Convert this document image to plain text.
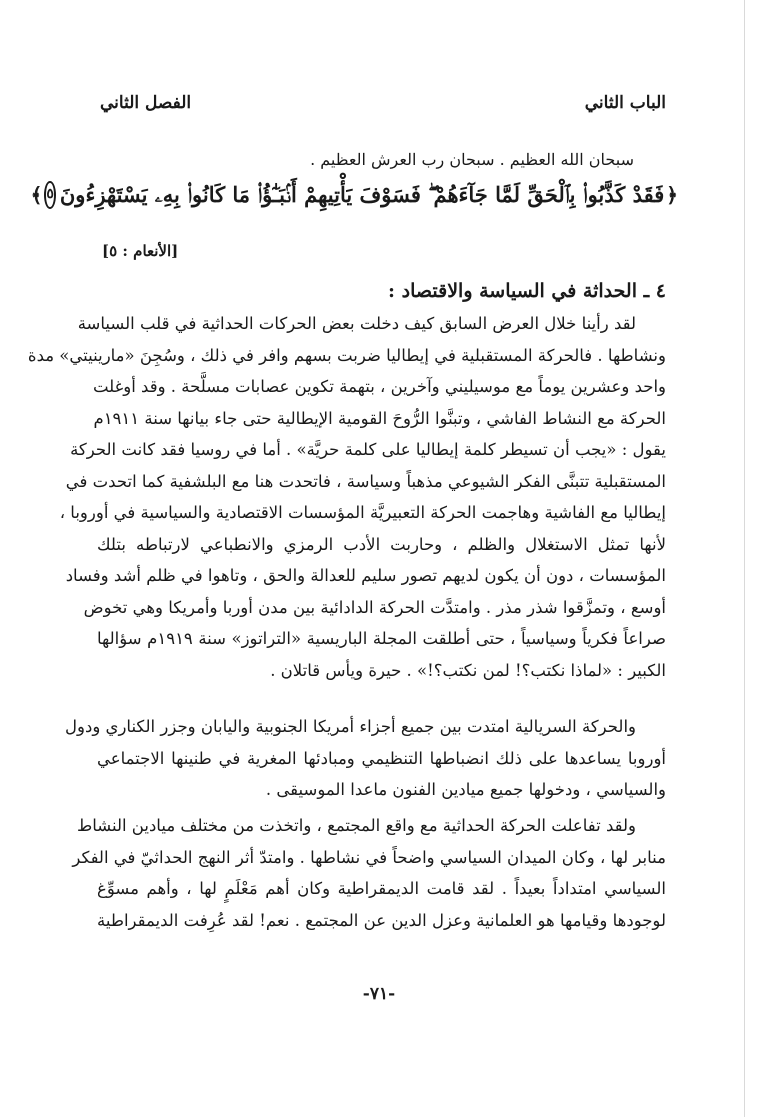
الباب الثاني
الفصل الثاني
سبحان الله العظيم . سبحان رب العرش العظيم .
﴿
فَقَدْ كَذَّبُوا۟ بِٱلْحَقِّ لَمَّا جَآءَهُمْ ۖ فَسَوْفَ يَأْتِيهِمْ أَنۢبَـٰٓؤُا۟ مَا كَانُوا۟ بِهِۦ يَسْتَهْزِءُونَ
٥
﴾
[الأنعام : ٥]
٤ ـ الحداثة في السياسة والاقتصاد :
لقد رأينا خلال العرض السابق كيف دخلت بعض الحركات الحداثية في قلب السياسة
ونشاطها . فالحركة المستقبلية في إيطاليا ضربت بسهم وافر في ذلك ، وسُجِنَ «مارينيتي» مدة
واحد وعشرين يوماً مع موسيليني وآخرين ، بتهمة تكوين عصابات مسلَّحة . وقد أوغلت
الحركة مع النشاط الفاشي ، وتبنَّوا الرُّوحَ القومية الإيطالية حتى جاء بيانها سنة ١٩١١م
يقول : «يجب أن تسيطر كلمة إيطاليا على كلمة حريَّة» . أما في روسيا فقد كانت الحركة
المستقبلية تتبنَّى الفكر الشيوعي مذهباً وسياسة ، فاتحدت هنا مع البلشفية كما اتحدت في
إيطاليا مع الفاشية وهاجمت الحركة التعبيريَّة المؤسسات الاقتصادية والسياسية في أوروبا ،
لأنها تمثل الاستغلال والظلم ، وحاربت الأدب الرمزي والانطباعي لارتباطه بتلك
المؤسسات ، دون أن يكون لديهم تصور سليم للعدالة والحق ، وتاهوا في ظلم أشد وفساد
أوسع ، وتمزَّقوا شذر مذر . وامتدَّت الحركة الدادائية بين مدن أوربا وأمريكا وهي تخوض
صراعاً فكرياً وسياسياً ، حتى أطلقت المجلة الباريسية «التراتوز» سنة ١٩١٩م سؤالها
الكبير : «لماذا نكتب؟! لمن نكتب؟!» . حيرة ويأس قاتلان .
والحركة السريالية امتدت بين جميع أجزاء أمريكا الجنوبية واليابان وجزر الكناري ودول
أوروبا يساعدها على ذلك انضباطها التنظيمي ومبادئها المغرية في طنينها الاجتماعي
والسياسي ، ودخولها جميع ميادين الفنون ماعدا الموسيقى .
ولقد تفاعلت الحركة الحداثية مع واقع المجتمع ، واتخذت من مختلف ميادين النشاط
منابر لها ، وكان الميدان السياسي واضحاً في نشاطها . وامتدّ أثر النهج الحداثيّ في الفكر
السياسي امتداداً بعيداً . لقد قامت الديمقراطية وكان أهم مَعْلَمٍ لها ، وأهم مسوِّغ
لوجودها وقيامها هو العلمانية وعزل الدين عن المجتمع . نعم! لقد عُرِفت الديمقراطية
-٧١-
